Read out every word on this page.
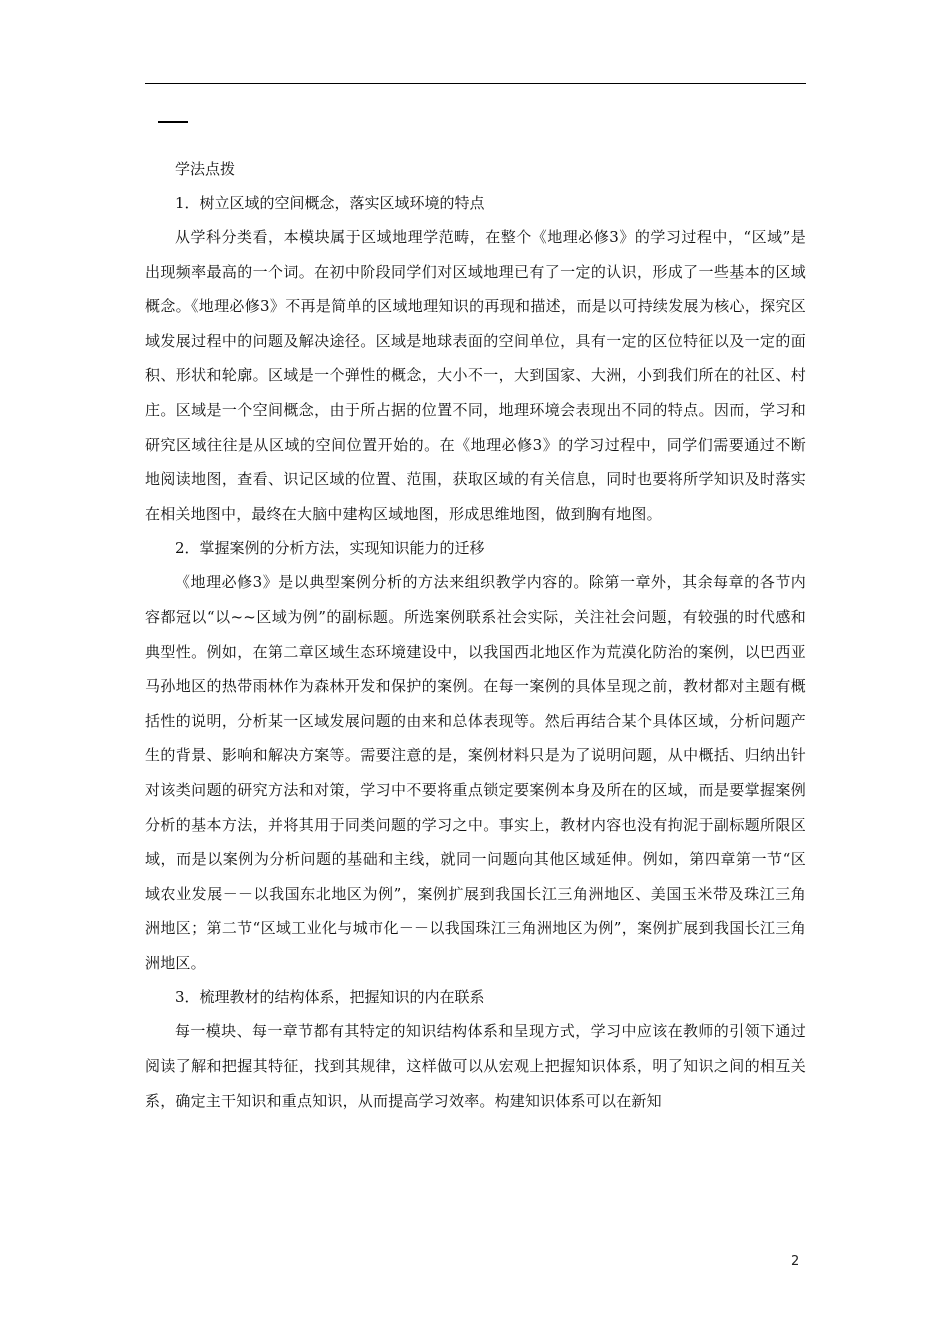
学法点拨
1．树立区域的空间概念，落实区域环境的特点

从学科分类看，本模块属于区域地理学范畴，在整个《地理必修3》的学习过程中，“区域”是出现频率最高的一个词。在初中阶段同学们对区域地理已有了一定的认识，形成了一些基本的区域概念。《地理必修3》不再是简单的区域地理知识的再现和描述，而是以可持续发展为核心，探究区域发展过程中的问题及解决途径。区域是地球表面的空间单位，具有一定的区位特征以及一定的面积、形状和轮廓。区域是一个弹性的概念，大小不一，大到国家、大洲，小到我们所在的社区、村庄。区域是一个空间概念，由于所占据的位置不同，地理环境会表现出不同的特点。因而，学习和研究区域往往是从区域的空间位置开始的。在《地理必修3》的学习过程中，同学们需要通过不断地阅读地图，查看、识记区域的位置、范围，获取区域的有关信息，同时也要将所学知识及时落实在相关地图中，最终在大脑中建构区域地图，形成思维地图，做到胸有地图。

2．掌握案例的分析方法，实现知识能力的迁移

《地理必修3》是以典型案例分析的方法来组织教学内容的。除第一章外，其余每章的各节内容都冠以“以~~区域为例”的副标题。所选案例联系社会实际，关注社会问题，有较强的时代感和典型性。例如，在第二章区域生态环境建设中，以我国西北地区作为荒漠化防治的案例，以巴西亚马孙地区的热带雨林作为森林开发和保护的案例。在每一案例的具体呈现之前，教材都对主题有概括性的说明，分析某一区域发展问题的由来和总体表现等。然后再结合某个具体区域，分析问题产生的背景、影响和解决方案等。需要注意的是，案例材料只是为了说明问题，从中概括、归纳出针对该类问题的研究方法和对策，学习中不要将重点锁定要案例本身及所在的区域，而是要掌握案例分析的基本方法，并将其用于同类问题的学习之中。事实上，教材内容也没有拘泥于副标题所限区域，而是以案例为分析问题的基础和主线，就同一问题向其他区域延伸。例如，第四章第一节“区域农业发展－－以我国东北地区为例”，案例扩展到我国长江三角洲地区、美国玉米带及珠江三角洲地区；第二节“区域工业化与城市化－－以我国珠江三角洲地区为例”，案例扩展到我国长江三角洲地区。

3．梳理教材的结构体系，把握知识的内在联系

每一模块、每一章节都有其特定的知识结构体系和呈现方式，学习中应该在教师的引领下通过阅读了解和把握其特征，找到其规律，这样做可以从宏观上把握知识体系，明了知识之间的相互关系，确定主干知识和重点知识，从而提高学习效率。构建知识体系可以在新知

2
